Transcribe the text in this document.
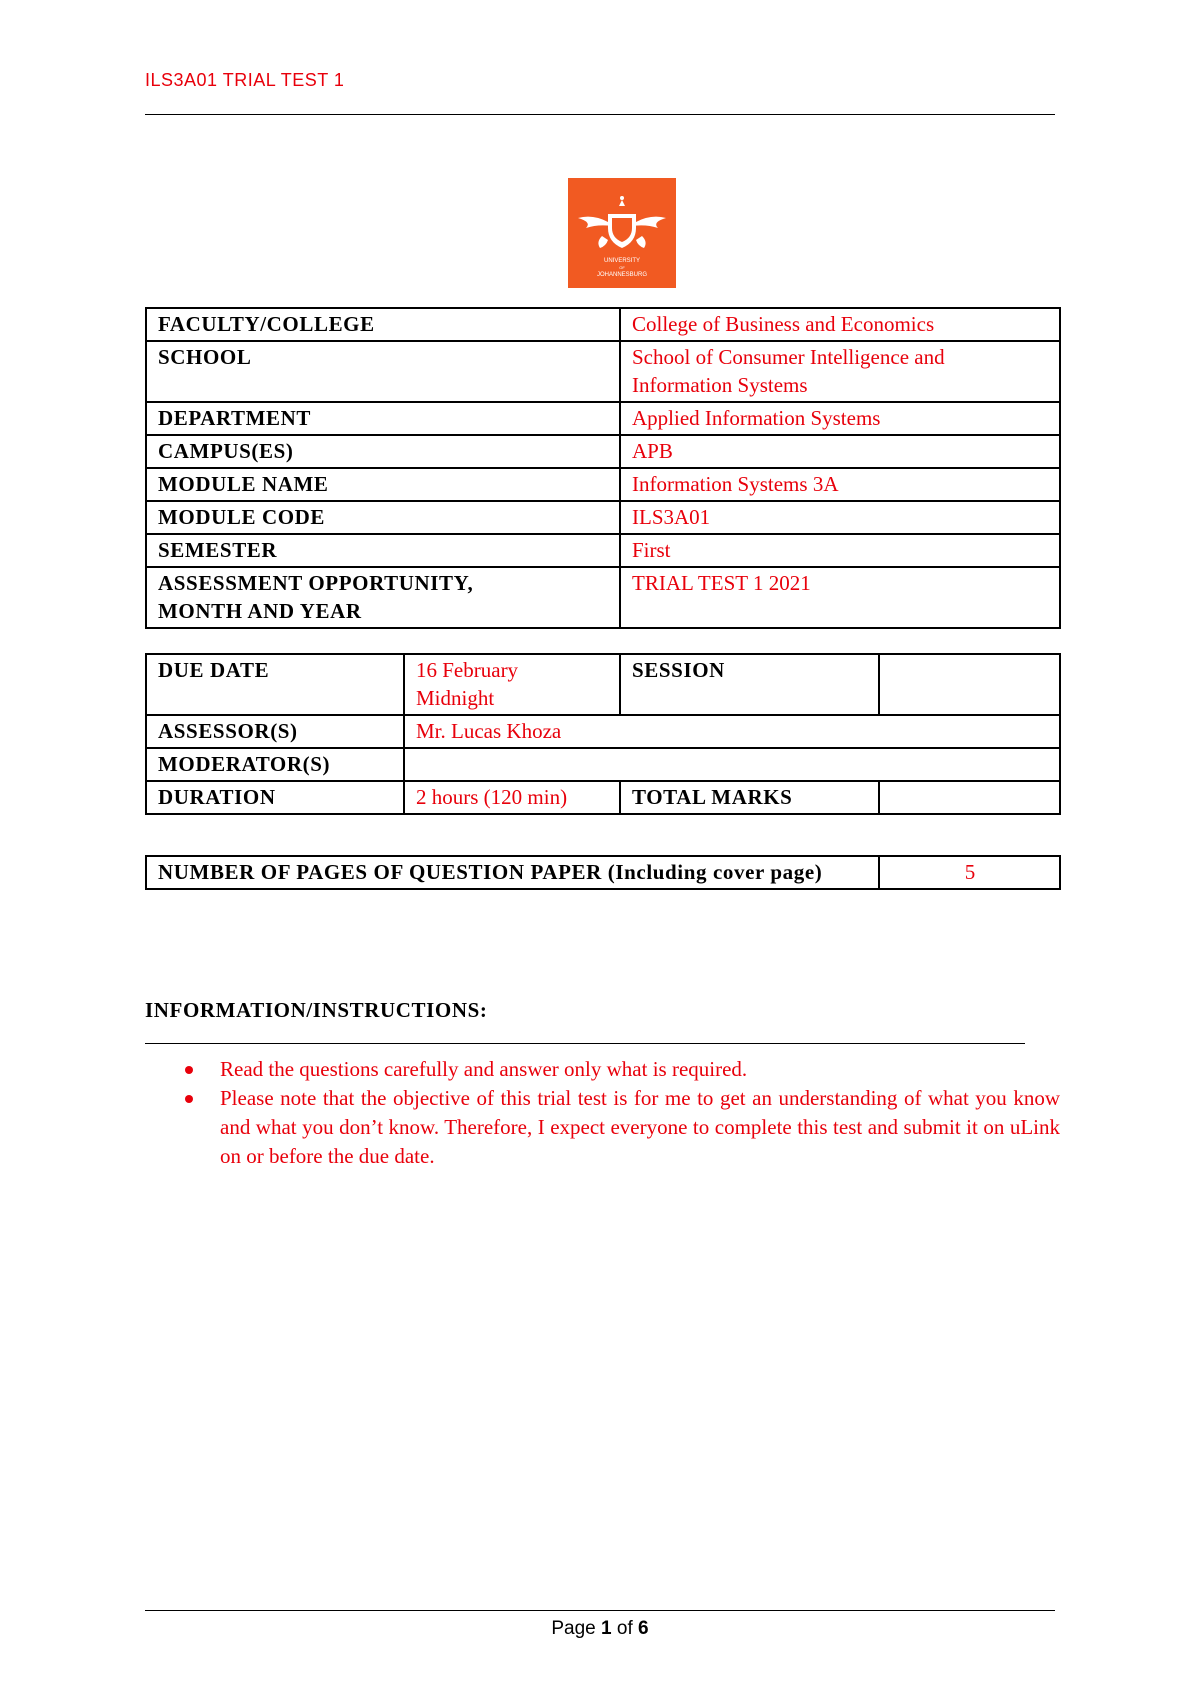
ILS3A01 TRIAL TEST 1
UNIVERSITY
OF
JOHANNESBURG
FACULTY/COLLEGE	College of Business and Economics
SCHOOL	School of Consumer Intelligence and Information Systems
DEPARTMENT	Applied Information Systems
CAMPUS(ES)	APB
MODULE NAME	Information Systems 3A
MODULE CODE	ILS3A01
SEMESTER	First
ASSESSMENT OPPORTUNITY, MONTH AND YEAR	TRIAL TEST 1 2021
DUE DATE	16 February Midnight	SESSION	
ASSESSOR(S)	Mr. Lucas Khoza		
MODERATOR(S)			
DURATION	2 hours (120 min)	TOTAL MARKS	
NUMBER OF PAGES OF QUESTION PAPER (Including cover page)	5
INFORMATION/INSTRUCTIONS:
Read the questions carefully and answer only what is required.
Please note that the objective of this trial test is for me to get an understanding of what you know and what you don’t know. Therefore, I expect everyone to complete this test and submit it on uLink on or before the due date.
Page 1 of 6
